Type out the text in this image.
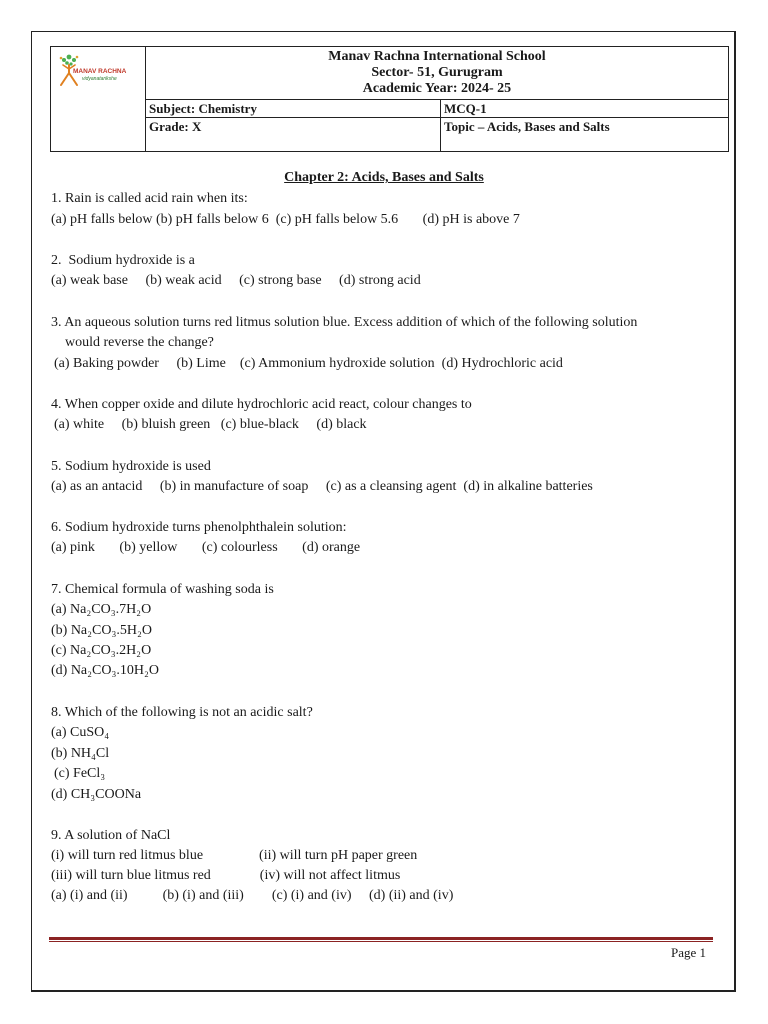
MANAV RACHNA
vidyanatarikshe
Manav Rachna International School
Sector- 51, Gurugram
Academic Year: 2024- 25
Subject: Chemistry	MCQ-1
Grade: X	Topic – Acids, Bases and Salts
Chapter 2: Acids, Bases and Salts
1. Rain is called acid rain when its:
(a) pH falls below (b) pH falls below 6  (c) pH falls below 5.6       (d) pH is above 7
2.  Sodium hydroxide is a
(a) weak base     (b) weak acid     (c) strong base     (d) strong acid
3. An aqueous solution turns red litmus solution blue. Excess addition of which of the following solution
would reverse the change?
(a) Baking powder     (b) Lime    (c) Ammonium hydroxide solution  (d) Hydrochloric acid
4. When copper oxide and dilute hydrochloric acid react, colour changes to
(a) white     (b) bluish green   (c) blue-black     (d) black
5. Sodium hydroxide is used
(a) as an antacid     (b) in manufacture of soap     (c) as a cleansing agent  (d) in alkaline batteries
6. Sodium hydroxide turns phenolphthalein solution:
(a) pink       (b) yellow       (c) colourless       (d) orange
7. Chemical formula of washing soda is
(a) Na₂CO₃.7H₂O
(b) Na₂CO₃.5H₂O
(c) Na₂CO₃.2H₂O
(d) Na₂CO₃.10H₂O
8. Which of the following is not an acidic salt?
(a) CuSO₄
(b) NH₄Cl
(c) FeCl₃
(d) CH₃COONa
9. A solution of NaCl
(i) will turn red litmus blue                (ii) will turn pH paper green
(iii) will turn blue litmus red              (iv) will not affect litmus
(a) (i) and (ii)          (b) (i) and (iii)        (c) (i) and (iv)     (d) (ii) and (iv)
Page 1
